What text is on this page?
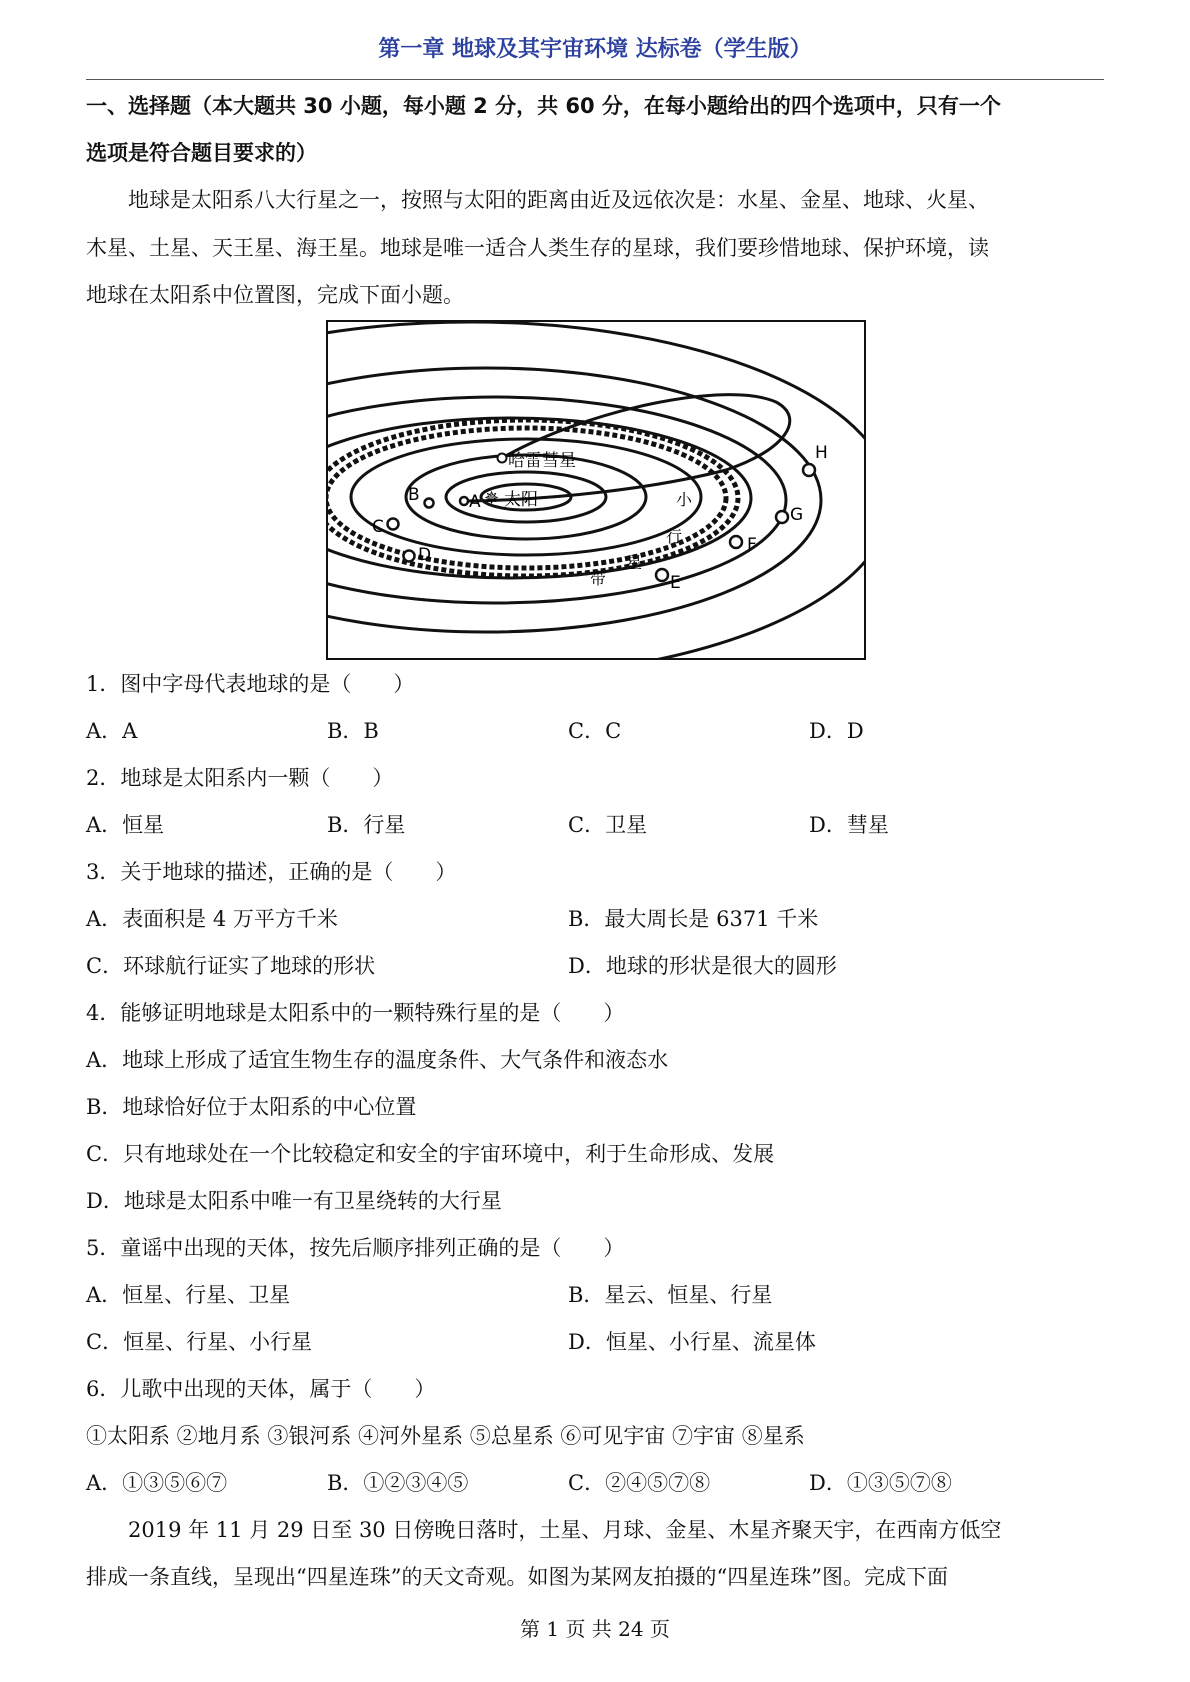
第一章 地球及其宇宙环境 达标卷（学生版）
一、选择题（本大题共 30 小题，每小题 2 分，共 60 分，在每小题给出的四个选项中，只有一个
选项是符合题目要求的）
地球是太阳系八大行星之一，按照与太阳的距离由近及远依次是：水星、金星、地球、火星、
木星、土星、天王星、海王星。地球是唯一适合人类生存的星球，我们要珍惜地球、保护环境，读
地球在太阳系中位置图，完成下面小题。
哈雷彗星
✵ 太阳
A
B
C
D
E
F
G
H
小
行
星
带
1．图中字母代表地球的是（　　）
A．A	B．B	C．C	D．D
2．地球是太阳系内一颗（　　）
A．恒星	B．行星	C．卫星	D．彗星
3．关于地球的描述，正确的是（　　）
A．表面积是 4 万平方千米	B．最大周长是 6371 千米
C．环球航行证实了地球的形状	D．地球的形状是很大的圆形
4．能够证明地球是太阳系中的一颗特殊行星的是（　　）
A．地球上形成了适宜生物生存的温度条件、大气条件和液态水
B．地球恰好位于太阳系的中心位置
C．只有地球处在一个比较稳定和安全的宇宙环境中，利于生命形成、发展
D．地球是太阳系中唯一有卫星绕转的大行星
5．童谣中出现的天体，按先后顺序排列正确的是（　　）
A．恒星、行星、卫星	B．星云、恒星、行星
C．恒星、行星、小行星	D．恒星、小行星、流星体
6．儿歌中出现的天体，属于（　　）
①太阳系 ②地月系 ③银河系 ④河外星系 ⑤总星系 ⑥可见宇宙 ⑦宇宙 ⑧星系
A．①③⑤⑥⑦	B．①②③④⑤	C．②④⑤⑦⑧	D．①③⑤⑦⑧
2019 年 11 月 29 日至 30 日傍晚日落时，土星、月球、金星、木星齐聚天宇，在西南方低空
排成一条直线，呈现出“四星连珠”的天文奇观。如图为某网友拍摄的“四星连珠”图。完成下面
第 1 页 共 24 页
